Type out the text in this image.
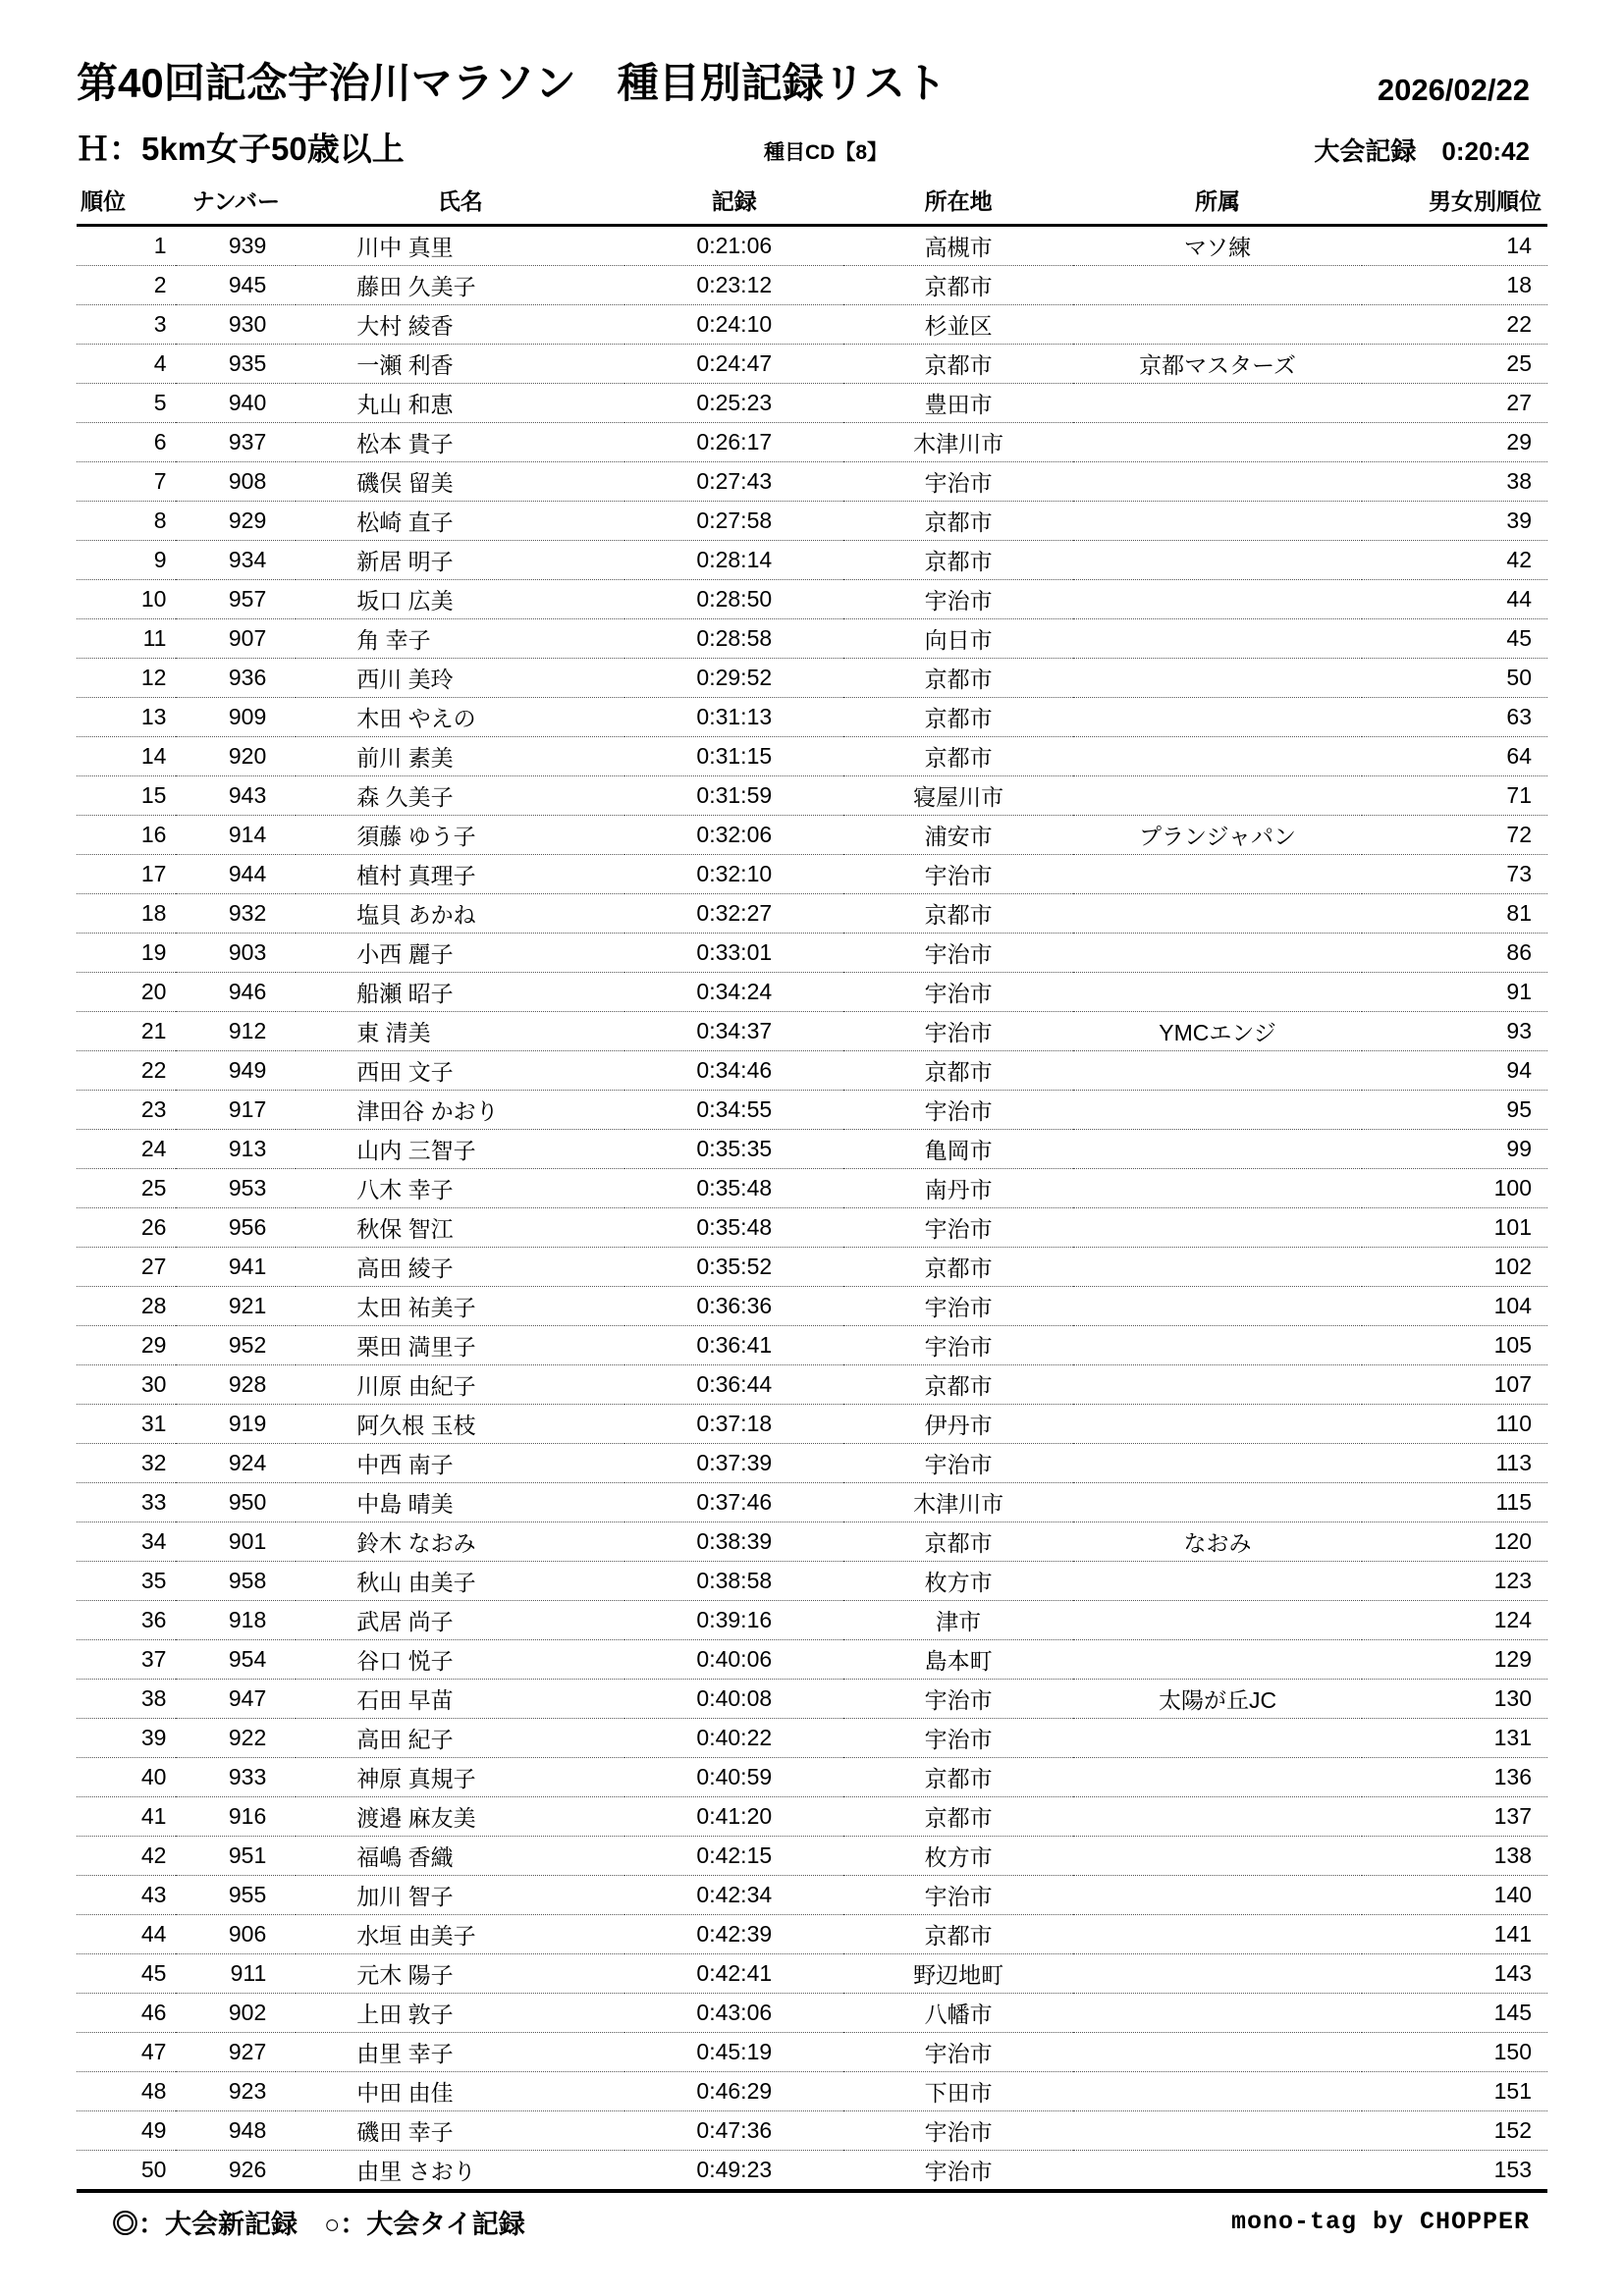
第40回記念宇治川マラソン　種目別記録リスト	2026/02/22
Ｈ：5km女子50歳以上	種目CD【8】	大会記録　0:20:42
順位	ナンバー	氏名	記録	所在地	所属	男女別順位
1	939	川中 真里	0:21:06	高槻市	マソ練	14
2	945	藤田 久美子	0:23:12	京都市		18
3	930	大村 綾香	0:24:10	杉並区		22
4	935	一瀬 利香	0:24:47	京都市	京都マスターズ	25
5	940	丸山 和恵	0:25:23	豊田市		27
6	937	松本 貴子	0:26:17	木津川市		29
7	908	磯俣 留美	0:27:43	宇治市		38
8	929	松崎 直子	0:27:58	京都市		39
9	934	新居 明子	0:28:14	京都市		42
10	957	坂口 広美	0:28:50	宇治市		44
11	907	角 幸子	0:28:58	向日市		45
12	936	西川 美玲	0:29:52	京都市		50
13	909	木田 やえの	0:31:13	京都市		63
14	920	前川 素美	0:31:15	京都市		64
15	943	森 久美子	0:31:59	寝屋川市		71
16	914	須藤 ゆう子	0:32:06	浦安市	プランジャパン	72
17	944	植村 真理子	0:32:10	宇治市		73
18	932	塩貝 あかね	0:32:27	京都市		81
19	903	小西 麗子	0:33:01	宇治市		86
20	946	船瀬 昭子	0:34:24	宇治市		91
21	912	東 清美	0:34:37	宇治市	YMCエンジ	93
22	949	西田 文子	0:34:46	京都市		94
23	917	津田谷 かおり	0:34:55	宇治市		95
24	913	山内 三智子	0:35:35	亀岡市		99
25	953	八木 幸子	0:35:48	南丹市		100
26	956	秋保 智江	0:35:48	宇治市		101
27	941	高田 綾子	0:35:52	京都市		102
28	921	太田 祐美子	0:36:36	宇治市		104
29	952	栗田 満里子	0:36:41	宇治市		105
30	928	川原 由紀子	0:36:44	京都市		107
31	919	阿久根 玉枝	0:37:18	伊丹市		110
32	924	中西 南子	0:37:39	宇治市		113
33	950	中島 晴美	0:37:46	木津川市		115
34	901	鈴木 なおみ	0:38:39	京都市	なおみ	120
35	958	秋山 由美子	0:38:58	枚方市		123
36	918	武居 尚子	0:39:16	津市		124
37	954	谷口 悦子	0:40:06	島本町		129
38	947	石田 早苗	0:40:08	宇治市	太陽が丘JC	130
39	922	高田 紀子	0:40:22	宇治市		131
40	933	神原 真規子	0:40:59	京都市		136
41	916	渡邉 麻友美	0:41:20	京都市		137
42	951	福嶋 香織	0:42:15	枚方市		138
43	955	加川 智子	0:42:34	宇治市		140
44	906	水垣 由美子	0:42:39	京都市		141
45	911	元木 陽子	0:42:41	野辺地町		143
46	902	上田 敦子	0:43:06	八幡市		145
47	927	由里 幸子	0:45:19	宇治市		150
48	923	中田 由佳	0:46:29	下田市		151
49	948	磯田 幸子	0:47:36	宇治市		152
50	926	由里 さおり	0:49:23	宇治市		153
◎：大会新記録　○：大会タイ記録	mono-tag by CHOPPER
